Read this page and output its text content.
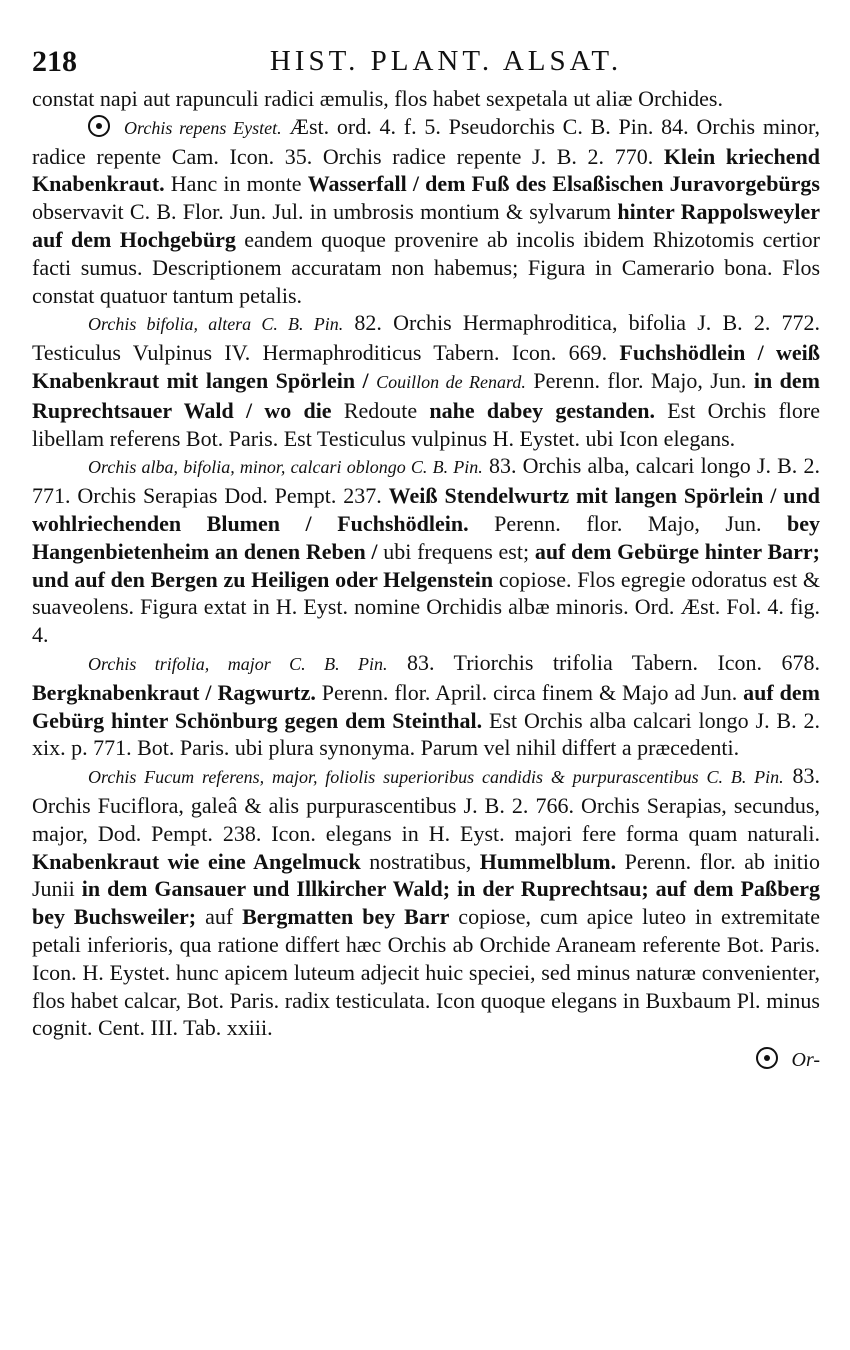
218	HIST. PLANT. ALSAT.

constat napi aut rapunculi radici æmulis, flos habet sexpetala ut aliæ Orchides.

Orchis repens Eystet. Æst. ord. 4. f. 5. Pseudorchis C. B. Pin. 84. Orchis minor, radice repente Cam. Icon. 35. Orchis radice repente J. B. 2. 770. Klein kriechend Knabenkraut. Hanc in monte Wasserfall / dem Fuß des Elsaßischen Juravorgebürgs observavit C. B. Flor. Jun. Jul. in umbrosis montium & sylvarum hinter Rappolsweyler auf dem Hochgebürg eandem quoque provenire ab incolis ibidem Rhizotomis certior facti sumus. Descriptionem accuratam non habemus; Figura in Camerario bona. Flos constat quatuor tantum petalis.

Orchis bifolia, altera C. B. Pin. 82. Orchis Hermaphroditica, bifolia J. B. 2. 772. Testiculus Vulpinus IV. Hermaphroditicus Tabern. Icon. 669. Fuchshödlein / weiß Knabenkraut mit langen Spörlein / Couillon de Renard. Perenn. flor. Majo, Jun. in dem Ruprechtsauer Wald / wo die Redoute nahe dabey gestanden. Est Orchis flore libellam referens Bot. Paris. Est Testiculus vulpinus H. Eystet. ubi Icon elegans.

Orchis alba, bifolia, minor, calcari oblongo C. B. Pin. 83. Orchis alba, calcari longo J. B. 2. 771. Orchis Serapias Dod. Pempt. 237. Weiß Stendelwurtz mit langen Spörlein / und wohlriechenden Blumen / Fuchshödlein. Perenn. flor. Majo, Jun. bey Hangenbietenheim an denen Reben / ubi frequens est; auf dem Gebürge hinter Barr; und auf den Bergen zu Heiligen oder Helgenstein copiose. Flos egregie odoratus est & suaveolens. Figura extat in H. Eyst. nomine Orchidis albæ minoris. Ord. Æst. Fol. 4. fig. 4.

Orchis trifolia, major C. B. Pin. 83. Triorchis trifolia Tabern. Icon. 678. Bergknabenkraut / Ragwurtz. Perenn. flor. April. circa finem & Majo ad Jun. auf dem Gebürg hinter Schönburg gegen dem Steinthal. Est Orchis alba calcari longo J. B. 2. xix. p. 771. Bot. Paris. ubi plura synonyma. Parum vel nihil differt a præcedenti.

Orchis Fucum referens, major, foliolis superioribus candidis & purpurascentibus C. B. Pin. 83. Orchis Fuciflora, galeâ & alis purpurascentibus J. B. 2. 766. Orchis Serapias, secundus, major, Dod. Pempt. 238. Icon. elegans in H. Eyst. majori fere forma quam naturali. Knabenkraut wie eine Angelmuck nostratibus, Hummelblum. Perenn. flor. ab initio Junii in dem Gansauer und Illkircher Wald; in der Ruprechtsau; auf dem Paßberg bey Buchsweiler; auf Bergmatten bey Barr copiose, cum apice luteo in extremitate petali inferioris, qua ratione differt hæc Orchis ab Orchide Araneam referente Bot. Paris. Icon. H. Eystet. hunc apicem luteum adjecit huic speciei, sed minus naturæ convenienter, flos habet calcar, Bot. Paris. radix testiculata. Icon quoque elegans in Buxbaum Pl. minus cognit. Cent. III. Tab. xxiii.

Or-
